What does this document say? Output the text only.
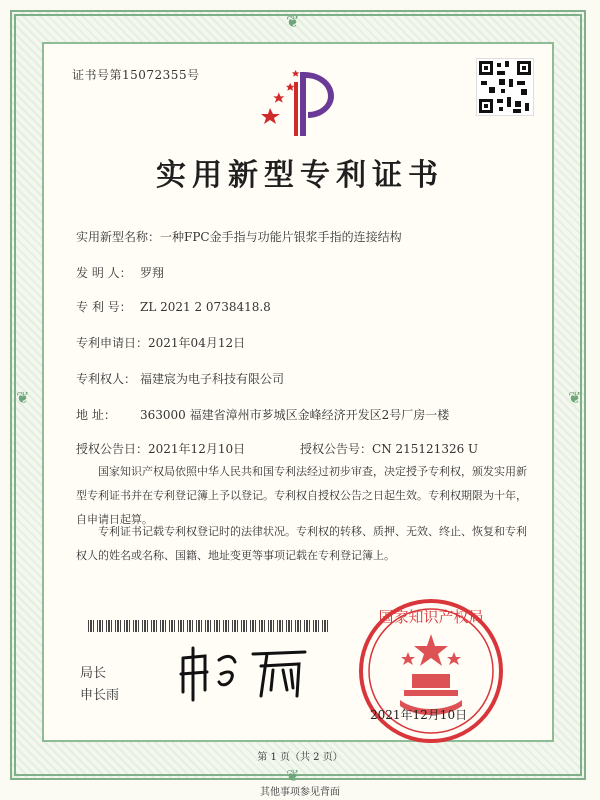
❦
❦
❦	❦
证书号第15072355号
实用新型专利证书
实用新型名称：一种FPC金手指与功能片银浆手指的连接结构
发 明 人： 罗翔
专 利 号： ZL 2021 2 0738418.8
专利申请日：2021年04月12日
专利权人： 福建宸为电子科技有限公司
地 址： 363000 福建省漳州市芗城区金峰经济开发区2号厂房一楼
授权公告日：2021年12月10日	授权公告号：CN 215121326 U
国家知识产权局依照中华人民共和国专利法经过初步审查，决定授予专利权，颁发实用新型专利证书并在专利登记簿上予以登记。专利权自授权公告之日起生效。专利权期限为十年，自申请日起算。
专利证书记载专利权登记时的法律状况。专利权的转移、质押、无效、终止、恢复和专利权人的姓名或名称、国籍、地址变更等事项记载在专利登记簿上。
局长
申长雨
国家知识产权局
2021年12月10日
第 1 页（共 2 页）
其他事项参见背面
